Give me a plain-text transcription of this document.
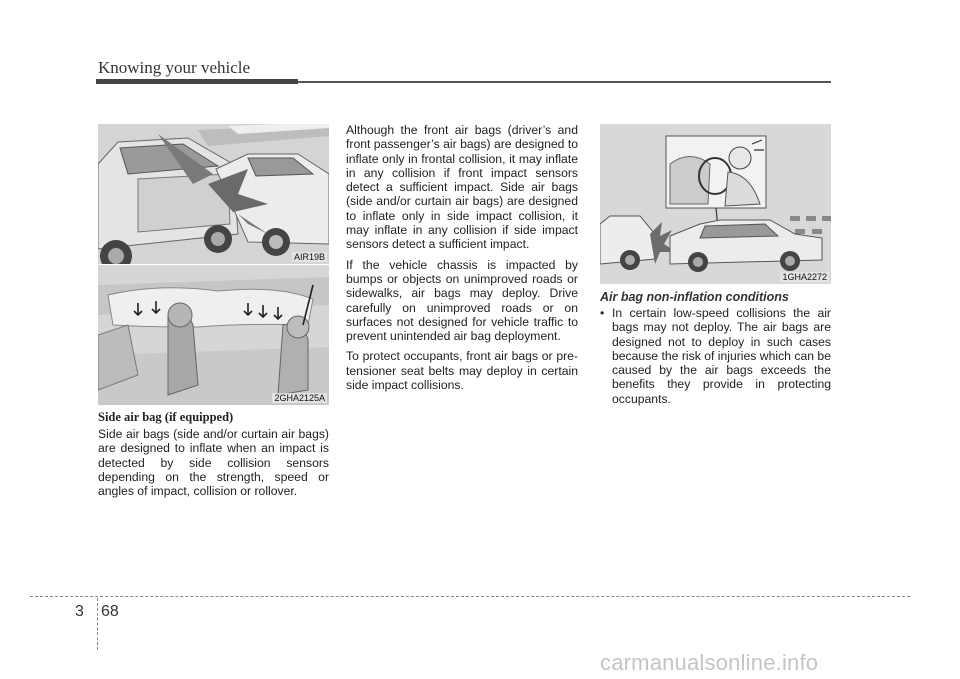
Knowing your vehicle
AIR19B
2GHA2125A
Side air bag (if equipped)

Side air bags (side and/or curtain air bags) are designed to inflate when an impact is detected by side collision sensors depending on the strength, speed or angles of impact, collision or rollover.

Although the front air bags (driver’s and front passenger’s air bags) are designed to inflate only in frontal collision, it may inflate in any collision if front impact sensors detect a sufficient impact. Side air bags (side and/or curtain air bags) are designed to inflate only in side impact collision, it may inflate in any collision if side impact sensors detect a sufficient impact.

If the vehicle chassis is impacted by bumps or objects on unimproved roads or sidewalks, air bags may deploy. Drive carefully on unimproved roads or on surfaces not designed for vehicle traffic to prevent unintended air bag deployment.

To protect occupants, front air bags or pre-tensioner seat belts may deploy in certain side impact collisions.

1GHA2272
Air bag non-inflation conditions
• In certain low-speed collisions the air bags may not deploy. The air bags are designed not to deploy in such cases because the risk of injuries which can be caused by the air bags exceeds the benefits they provide in protecting occupants.
3 68
carmanualsonline.info
